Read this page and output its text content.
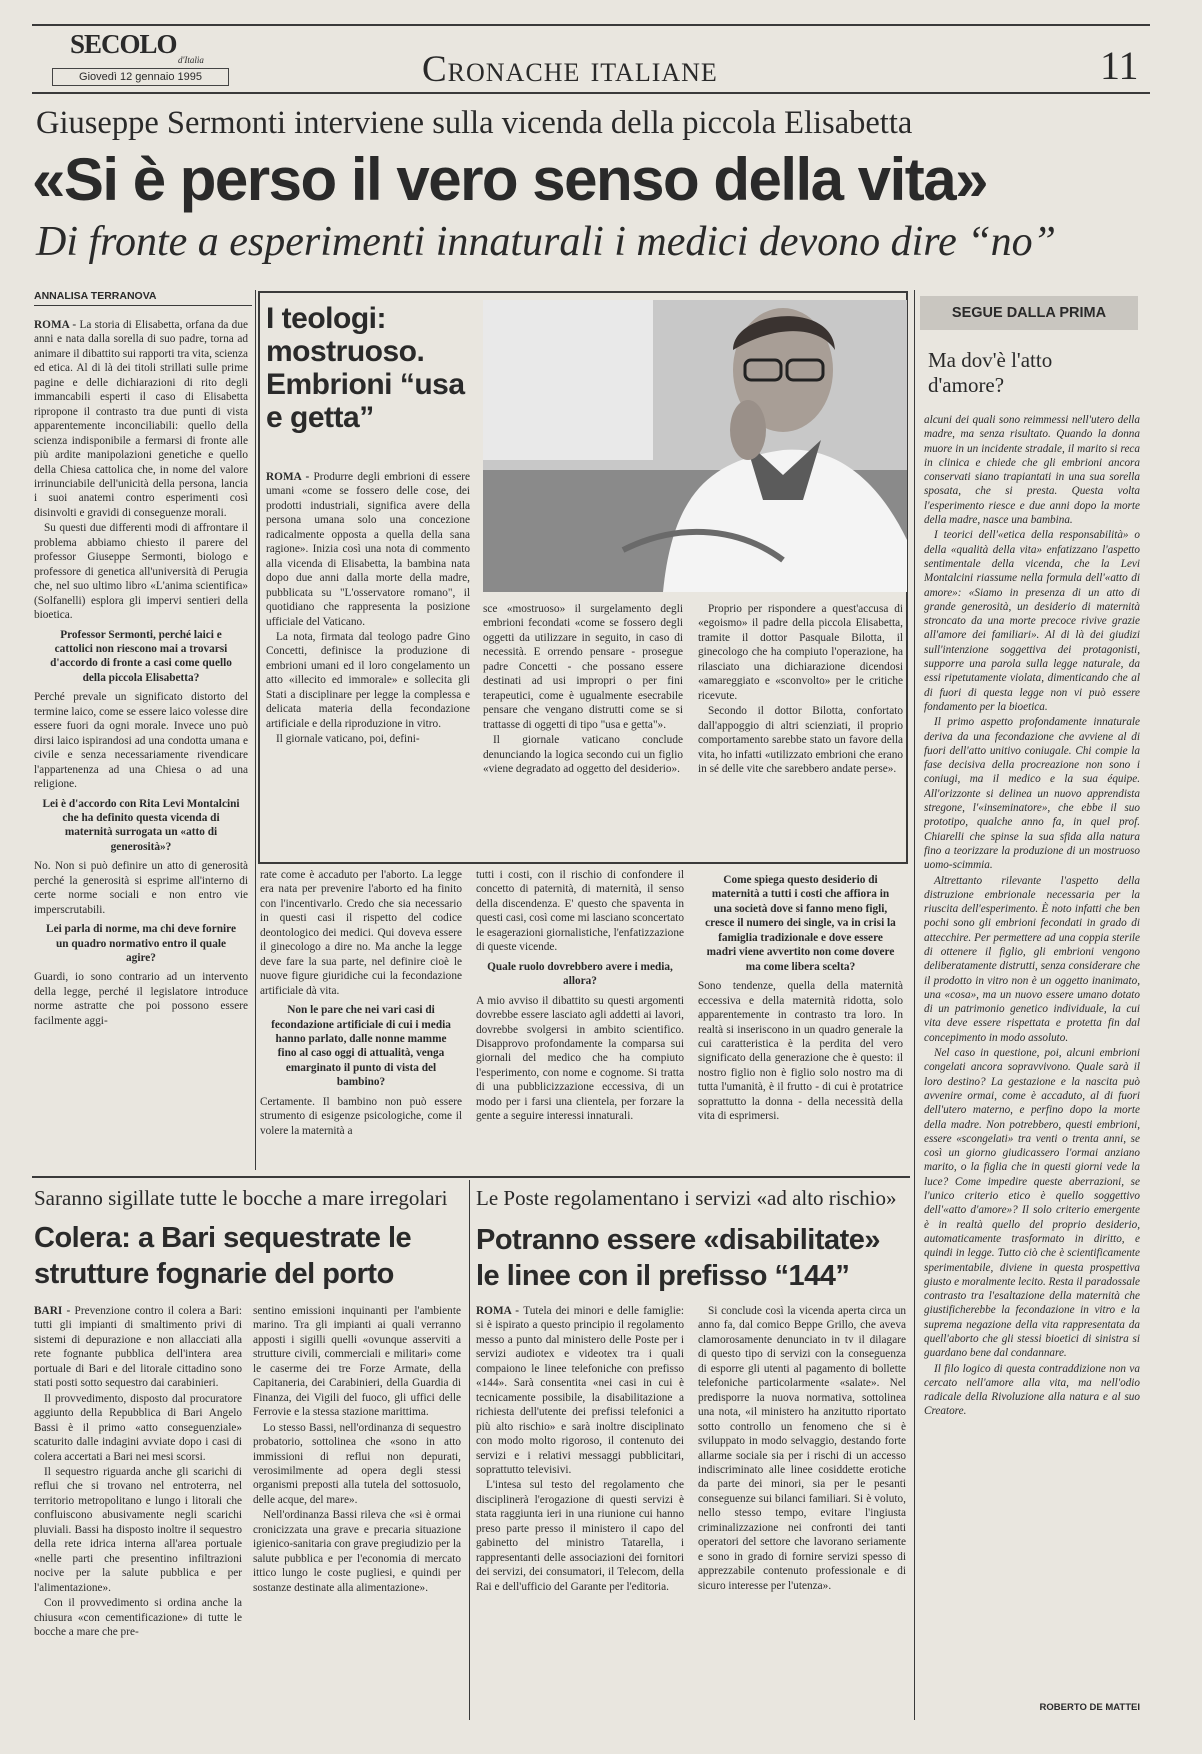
SECOLO
d'Italia
Giovedì 12 gennaio 1995	Cronache italiane	11
Giuseppe Sermonti interviene sulla vicenda della piccola Elisabetta
«Si è perso il vero senso della vita»
Di fronte a esperimenti innaturali i medici devono dire “no”
ANNALISA TERRANOVA

ROMA - La storia di Elisabetta, orfana da due anni e nata dalla sorella di suo padre, torna ad animare il dibattito sui rapporti tra vita, scienza ed etica. Al di là dei titoli strillati sulle prime pagine e delle dichiarazioni di rito degli immancabili esperti il caso di Elisabetta ripropone il contrasto tra due punti di vista apparentemente inconciliabili: quello della scienza indisponibile a fermarsi di fronte alle più ardite manipolazioni genetiche e quello della Chiesa cattolica che, in nome del valore irrinunciabile dell'unicità della persona, lancia i suoi anatemi contro esperimenti così disinvolti e gravidi di conseguenze morali.

Su questi due differenti modi di affrontare il problema abbiamo chiesto il parere del professor Giuseppe Sermonti, biologo e professore di genetica all'università di Perugia che, nel suo ultimo libro «L'anima scientifica» (Solfanelli) esplora gli impervi sentieri della bioetica.

Professor Sermonti, perché laici e cattolici non riescono mai a trovarsi d'accordo di fronte a casi come quello della piccola Elisabetta?

Perché prevale un significato distorto del termine laico, come se essere laico volesse dire essere fuori da ogni morale. Invece uno può dirsi laico ispirandosi ad una condotta umana e civile e senza necessariamente rivendicare l'appartenenza ad una Chiesa o ad una religione.

Lei è d'accordo con Rita Levi Montalcini che ha definito questa vicenda di maternità surrogata un «atto di generosità»?

No. Non si può definire un atto di generosità perché la generosità si esprime all'interno di certe norme sociali e non entro vie imperscrutabili.

Lei parla di norme, ma chi deve fornire un quadro normativo entro il quale agire?

Guardi, io sono contrario ad un intervento della legge, perché il legislatore introduce norme astratte che poi possono essere facilmente aggi-

I teologi: mostruoso. Embrioni “usa e getta”

ROMA - Produrre degli embrioni di essere umani «come se fossero delle cose, dei prodotti industriali, significa avere della persona umana solo una concezione radicalmente opposta a quella della sana ragione». Inizia così una nota di commento alla vicenda di Elisabetta, la bambina nata dopo due anni dalla morte della madre, pubblicata su "L'osservatore romano", il quotidiano che rappresenta la posizione ufficiale del Vaticano.

La nota, firmata dal teologo padre Gino Concetti, definisce la produzione di embrioni umani ed il loro congelamento un atto «illecito ed immorale» e sollecita gli Stati a disciplinare per legge la complessa e delicata materia della fecondazione artificiale e della riproduzione in vitro.

Il giornale vaticano, poi, defini-

sce «mostruoso» il surgelamento degli embrioni fecondati «come se fossero degli oggetti da utilizzare in seguito, in caso di necessità. E orrendo pensare - prosegue padre Concetti - che possano essere destinati ad usi impropri o per fini terapeutici, come è ugualmente esecrabile pensare che vengano distrutti come se si trattasse di oggetti di tipo "usa e getta"».

Il giornale vaticano conclude denunciando la logica secondo cui un figlio «viene degradato ad oggetto del desiderio».

Proprio per rispondere a quest'accusa di «egoismo» il padre della piccola Elisabetta, tramite il dottor Pasquale Bilotta, il ginecologo che ha compiuto l'operazione, ha rilasciato una dichiarazione dicendosi «amareggiato e «sconvolto» per le critiche ricevute.

Secondo il dottor Bilotta, confortato dall'appoggio di altri scienziati, il proprio comportamento sarebbe stato un favore della vita, ho infatti «utilizzato embrioni che erano in sé delle vite che sarebbero andate perse».

rate come è accaduto per l'aborto. La legge era nata per prevenire l'aborto ed ha finito con l'incentivarlo. Credo che sia necessario in questi casi il rispetto del codice deontologico dei medici. Qui doveva essere il ginecologo a dire no. Ma anche la legge deve fare la sua parte, nel definire cioè le nuove figure giuridiche cui la fecondazione artificiale dà vita.

Non le pare che nei vari casi di fecondazione artificiale di cui i media hanno parlato, dalle nonne mamme fino al caso oggi di attualità, venga emarginato il punto di vista del bambino?

Certamente. Il bambino non può essere strumento di esigenze psicologiche, come il volere la maternità a

tutti i costi, con il rischio di confondere il concetto di paternità, di maternità, il senso della discendenza. E' questo che spaventa in questi casi, così come mi lasciano sconcertato le esagerazioni giornalistiche, l'enfatizzazione di queste vicende.

Quale ruolo dovrebbero avere i media, allora?

A mio avviso il dibattito su questi argomenti dovrebbe essere lasciato agli addetti ai lavori, dovrebbe svolgersi in ambito scientifico. Disapprovo profondamente la comparsa sui giornali del medico che ha compiuto l'esperimento, con nome e cognome. Si tratta di una pubblicizzazione eccessiva, di un modo per i farsi una clientela, per forzare la gente a seguire interessi innaturali.

Come spiega questo desiderio di maternità a tutti i costi che affiora in una società dove si fanno meno figli, cresce il numero dei single, va in crisi la famiglia tradizionale e dove essere madri viene avvertito non come dovere ma come libera scelta?

Sono tendenze, quella della maternità eccessiva e della maternità ridotta, solo apparentemente in contrasto tra loro. In realtà si inseriscono in un quadro generale la cui caratteristica è la perdita del vero significato della generazione che è questo: il nostro figlio non è figlio solo nostro ma di tutta l'umanità, è il frutto - di cui è protatrice soprattutto la donna - della necessità della vita di esprimersi.

SEGUE DALLA PRIMA
Ma dov'è l'atto d'amore?

alcuni dei quali sono reimmessi nell'utero della madre, ma senza risultato. Quando la donna muore in un incidente stradale, il marito si reca in clinica e chiede che gli embrioni ancora conservati siano trapiantati in una sua sorella sposata, che si presta. Questa volta l'esperimento riesce e due anni dopo la morte della madre, nasce una bambina.

I teorici dell'«etica della responsabilità» o della «qualità della vita» enfatizzano l'aspetto sentimentale della vicenda, che la Levi Montalcini riassume nella formula dell'«atto di amore»: «Siamo in presenza di un atto di grande generosità, un desiderio di maternità stroncato da una morte precoce rivive grazie all'amore dei familiari». Al di là dei giudizi sull'intenzione soggettiva dei protagonisti, supporre una parola sulla legge naturale, da essi ripetutamente violata, dimenticando che al di fuori di questa legge non vi può essere fondamento per la bioetica.

Il primo aspetto profondamente innaturale deriva da una fecondazione che avviene al di fuori dell'atto unitivo coniugale. Chi compie la fase decisiva della procreazione non sono i coniugi, ma il medico e la sua équipe. All'orizzonte si delinea un nuovo apprendista stregone, l'«inseminatore», che ebbe il suo prototipo, qualche anno fa, in quel prof. Chiarelli che spinse la sua sfida alla natura fino a teorizzare la produzione di un mostruoso uomo-scimmia.

Altrettanto rilevante l'aspetto della distruzione embrionale necessaria per la riuscita dell'esperimento. È noto infatti che ben pochi sono gli embrioni fecondati in grado di attecchire. Per permettere ad una coppia sterile di ottenere il figlio, gli embrioni vengono deliberatamente distrutti, senza considerare che il prodotto in vitro non è un oggetto inanimato, una «cosa», ma un nuovo essere umano dotato di un patrimonio genetico individuale, la cui vita deve essere rispettata e protetta fin dal concepimento in modo assoluto.

Nel caso in questione, poi, alcuni embrioni congelati ancora sopravvivono. Quale sarà il loro destino? La gestazione e la nascita può avvenire ormai, come è accaduto, al di fuori dell'utero materno, e perfino dopo la morte della madre. Non potrebbero, questi embrioni, essere «scongelati» tra venti o trenta anni, se così un giorno giudicassero l'ormai anziano marito, o la figlia che in questi giorni vede la luce? Come impedire queste aberrazioni, se l'unico criterio etico è quello soggettivo dell'«atto d'amore»? Il solo criterio emergente è in realtà quello del proprio desiderio, automaticamente trasformato in diritto, e quindi in legge. Tutto ciò che è scientificamente sperimentabile, diviene in questa prospettiva giusto e moralmente lecito. Resta il paradossale contrasto tra l'esaltazione della maternità che giustificherebbe la fecondazione in vitro e la suprema negazione della vita rappresentata da quell'aborto che gli stessi bioetici di sinistra si guardano bene dal condannare.

Il filo logico di questa contraddizione non va cercato nell'amore alla vita, ma nell'odio radicale della Rivoluzione alla natura e al suo Creatore.

ROBERTO DE MATTEI
Saranno sigillate tutte le bocche a mare irregolari
Colera: a Bari sequestrate le strutture fognarie del porto

BARI - Prevenzione contro il colera a Bari: tutti gli impianti di smaltimento privi di sistemi di depurazione e non allacciati alla rete fognante pubblica dell'intera area portuale di Bari e del litorale cittadino sono stati posti sotto sequestro dai carabinieri.

Il provvedimento, disposto dal procuratore aggiunto della Repubblica di Bari Angelo Bassi è il primo «atto conseguenziale» scaturito dalle indagini avviate dopo i casi di colera accertati a Bari nei mesi scorsi.

Il sequestro riguarda anche gli scarichi di reflui che si trovano nel entroterra, nel territorio metropolitano e lungo i litorali che confluiscono abusivamente negli scarichi pluviali. Bassi ha disposto inoltre il sequestro della rete idrica interna all'area portuale «nelle parti che presentino infiltrazioni nocive per la salute pubblica e per l'alimentazione».

Con il provvedimento si ordina anche la chiusura «con cementificazione» di tutte le bocche a mare che pre-

sentino emissioni inquinanti per l'ambiente marino. Tra gli impianti ai quali verranno apposti i sigilli quelli «ovunque asserviti a strutture civili, commerciali e militari» come le caserme dei tre Forze Armate, della Capitaneria, dei Carabinieri, della Guardia di Finanza, dei Vigili del fuoco, gli uffici delle Ferrovie e la stessa stazione marittima.

Lo stesso Bassi, nell'ordinanza di sequestro probatorio, sottolinea che «sono in atto immissioni di reflui non depurati, verosimilmente ad opera degli stessi organismi preposti alla tutela del sottosuolo, delle acque, del mare».

Nell'ordinanza Bassi rileva che «si è ormai cronicizzata una grave e precaria situazione igienico-sanitaria con grave pregiudizio per la salute pubblica e per l'economia di mercato ittico lungo le coste pugliesi, e quindi per sostanze destinate alla alimentazione».

Le Poste regolamentano i servizi «ad alto rischio»
Potranno essere «disabilitate» le linee con il prefisso “144”

ROMA - Tutela dei minori e delle famiglie: si è ispirato a questo principio il regolamento messo a punto dal ministero delle Poste per i servizi audiotex e videotex tra i quali compaiono le linee telefoniche con prefisso «144». Sarà consentita «nei casi in cui è tecnicamente possibile, la disabilitazione a richiesta dell'utente dei prefissi telefonici a più alto rischio» e sarà inoltre disciplinato con modo molto rigoroso, il contenuto dei servizi e i relativi messaggi pubblicitari, soprattutto televisivi.

L'intesa sul testo del regolamento che disciplinerà l'erogazione di questi servizi è stata raggiunta ieri in una riunione cui hanno preso parte presso il ministero il capo del gabinetto del ministro Tatarella, i rappresentanti delle associazioni dei fornitori dei servizi, dei consumatori, il Telecom, della Rai e dell'ufficio del Garante per l'editoria.

Si conclude così la vicenda aperta circa un anno fa, dal comico Beppe Grillo, che aveva clamorosamente denunciato in tv il dilagare di questo tipo di servizi con la conseguenza di esporre gli utenti al pagamento di bollette telefoniche particolarmente «salate». Nel predisporre la nuova normativa, sottolinea una nota, «il ministero ha anzitutto riportato sotto controllo un fenomeno che si è sviluppato in modo selvaggio, destando forte allarme sociale sia per i rischi di un accesso indiscriminato alle linee cosiddette erotiche da parte dei minori, sia per le pesanti conseguenze sui bilanci familiari. Si è voluto, nello stesso tempo, evitare l'ingiusta criminalizzazione nei confronti dei tanti operatori del settore che lavorano seriamente e sono in grado di fornire servizi spesso di apprezzabile contenuto professionale e di sicuro interesse per l'utenza».
